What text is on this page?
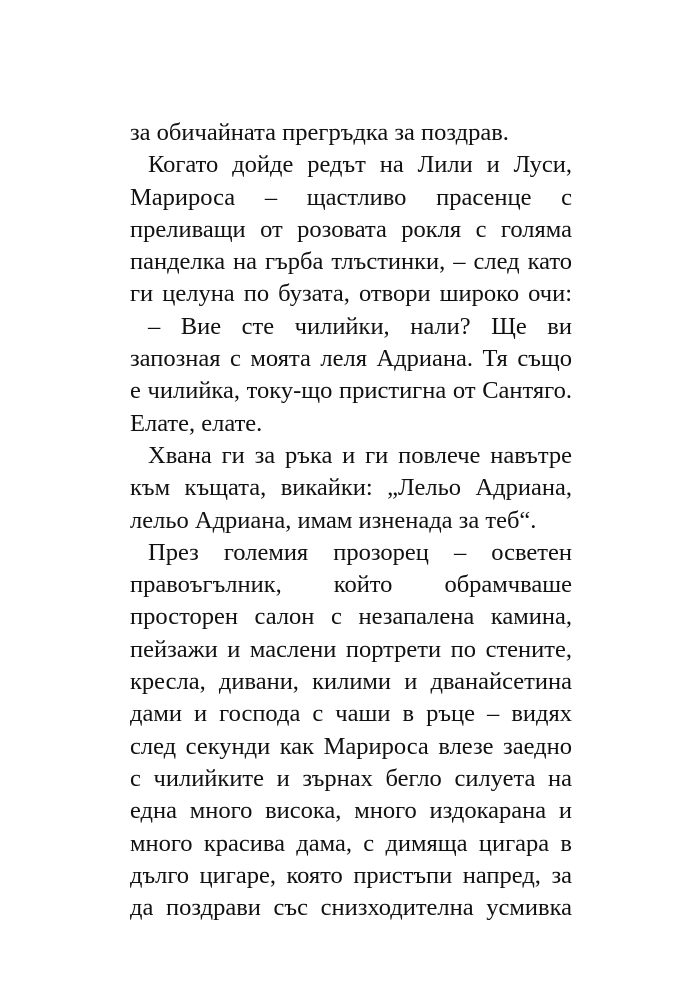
за обичайната прегръдка за поздрав.
Когато дойде редът на Лили и Луси,
Марироса – щастливо прасенце с
преливащи от розовата рокля с голяма
панделка на гърба тлъстинки, – след като
ги целуна по бузата, отвори широко очи:
– Вие сте чилийки, нали? Ще ви
запозная с моята леля Адриана. Тя също
е чилийка, току-що пристигна от Сантяго.
Елате, елате.
Хвана ги за ръка и ги повлече навътре
към къщата, викайки: „Лельо Адриана,
лельо Адриана, имам изненада за теб“.
През големия прозорец – осветен
правоъгълник, който обрамчваше
просторен салон с незапалена камина,
пейзажи и маслени портрети по стените,
кресла, дивани, килими и дванайсетина
дами и господа с чаши в ръце – видях
след секунди как Марироса влезе заедно
с чилийките и зърнах бегло силуета на
една много висока, много издокарана и
много красива дама, с димяща цигара в
дълго цигаре, която пристъпи напред, за
да поздрави със снизходителна усмивка
